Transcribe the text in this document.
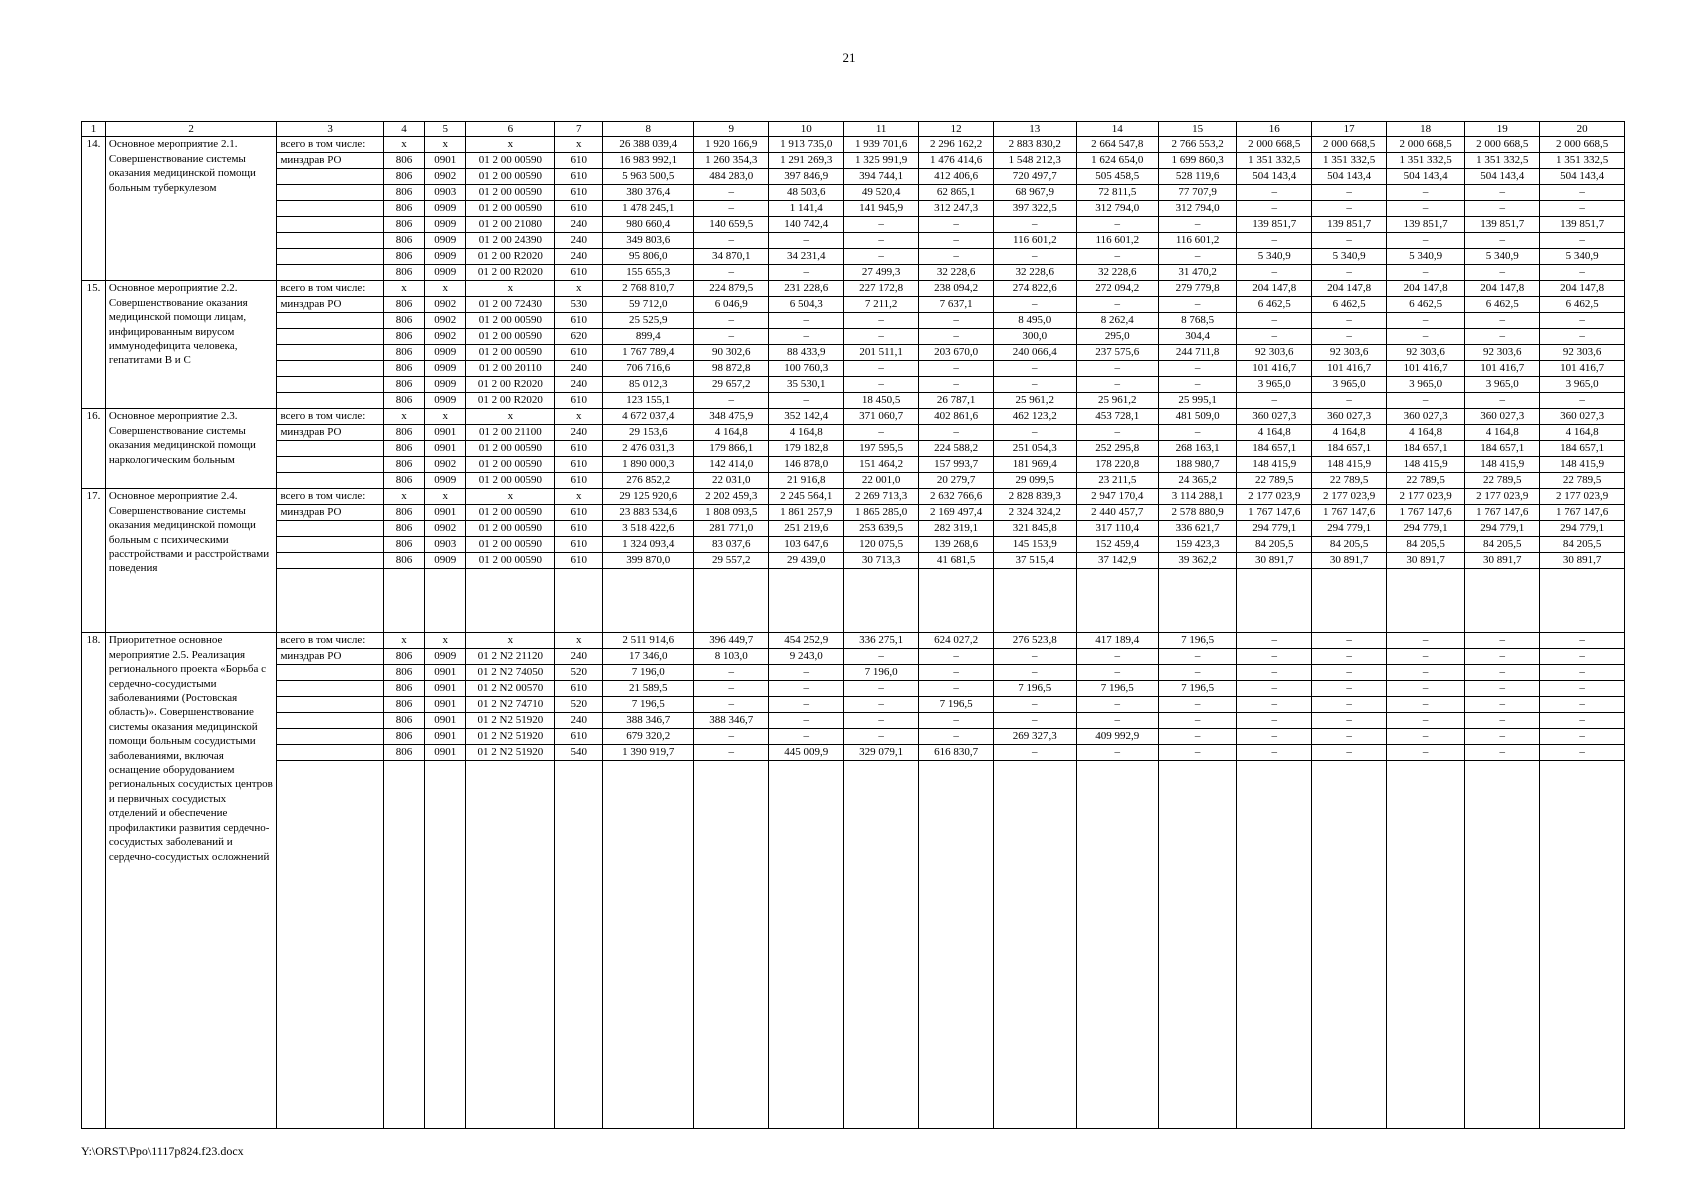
21
1	2	3	4	5	6	7	8	9	10	11	12	13	14	15	16	17	18	19	20
14.	Основное мероприятие 2.1. Совершенствование системы оказания медицинской помощи больным туберкулезом	всего в том числе:	x	x	x	x	26 388 039,4	1 920 166,9	1 913 735,0	1 939 701,6	2 296 162,2	2 883 830,2	2 664 547,8	2 766 553,2	2 000 668,5	2 000 668,5	2 000 668,5	2 000 668,5	2 000 668,5
		минздрав РО	806	0901	01 2 00 00590	610	16 983 992,1	1 260 354,3	1 291 269,3	1 325 991,9	1 476 414,6	1 548 212,3	1 624 654,0	1 699 860,3	1 351 332,5	1 351 332,5	1 351 332,5	1 351 332,5	1 351 332,5
			806	0902	01 2 00 00590	610	5 963 500,5	484 283,0	397 846,9	394 744,1	412 406,6	720 497,7	505 458,5	528 119,6	504 143,4	504 143,4	504 143,4	504 143,4	504 143,4
			806	0903	01 2 00 00590	610	380 376,4	–	48 503,6	49 520,4	62 865,1	68 967,9	72 811,5	77 707,9	–	–	–	–	–
			806	0909	01 2 00 00590	610	1 478 245,1	–	1 141,4	141 945,9	312 247,3	397 322,5	312 794,0	312 794,0	–	–	–	–	–
			806	0909	01 2 00 21080	240	980 660,4	140 659,5	140 742,4	–	–	–	–	–	139 851,7	139 851,7	139 851,7	139 851,7	139 851,7
			806	0909	01 2 00 24390	240	349 803,6	–	–	–	–	116 601,2	116 601,2	116 601,2	–	–	–	–	–
			806	0909	01 2 00 R2020	240	95 806,0	34 870,1	34 231,4	–	–	–	–	–	5 340,9	5 340,9	5 340,9	5 340,9	5 340,9
			806	0909	01 2 00 R2020	610	155 655,3	–	–	27 499,3	32 228,6	32 228,6	32 228,6	31 470,2	–	–	–	–	–
15.	Основное мероприятие 2.2. Совершенствование оказания медицинской помощи лицам, инфицированным вирусом иммунодефицита человека, гепатитами B и C	всего в том числе:	x	x	x	x	2 768 810,7	224 879,5	231 228,6	227 172,8	238 094,2	274 822,6	272 094,2	279 779,8	204 147,8	204 147,8	204 147,8	204 147,8	204 147,8
		минздрав РО	806	0902	01 2 00 72430	530	59 712,0	6 046,9	6 504,3	7 211,2	7 637,1	–	–	–	6 462,5	6 462,5	6 462,5	6 462,5	6 462,5
			806	0902	01 2 00 00590	610	25 525,9	–	–	–	–	8 495,0	8 262,4	8 768,5	–	–	–	–	–
			806	0902	01 2 00 00590	620	899,4	–	–	–	–	300,0	295,0	304,4	–	–	–	–	–
			806	0909	01 2 00 00590	610	1 767 789,4	90 302,6	88 433,9	201 511,1	203 670,0	240 066,4	237 575,6	244 711,8	92 303,6	92 303,6	92 303,6	92 303,6	92 303,6
			806	0909	01 2 00 20110	240	706 716,6	98 872,8	100 760,3	–	–	–	–	–	101 416,7	101 416,7	101 416,7	101 416,7	101 416,7
			806	0909	01 2 00 R2020	240	85 012,3	29 657,2	35 530,1	–	–	–	–	–	3 965,0	3 965,0	3 965,0	3 965,0	3 965,0
			806	0909	01 2 00 R2020	610	123 155,1	–	–	18 450,5	26 787,1	25 961,2	25 961,2	25 995,1	–	–	–	–	–
16.	Основное мероприятие 2.3. Совершенствование системы оказания медицинской помощи наркологическим больным	всего в том числе:	x	x	x	x	4 672 037,4	348 475,9	352 142,4	371 060,7	402 861,6	462 123,2	453 728,1	481 509,0	360 027,3	360 027,3	360 027,3	360 027,3	360 027,3
		минздрав РО	806	0901	01 2 00 21100	240	29 153,6	4 164,8	4 164,8	–	–	–	–	–	4 164,8	4 164,8	4 164,8	4 164,8	4 164,8
			806	0901	01 2 00 00590	610	2 476 031,3	179 866,1	179 182,8	197 595,5	224 588,2	251 054,3	252 295,8	268 163,1	184 657,1	184 657,1	184 657,1	184 657,1	184 657,1
			806	0902	01 2 00 00590	610	1 890 000,3	142 414,0	146 878,0	151 464,2	157 993,7	181 969,4	178 220,8	188 980,7	148 415,9	148 415,9	148 415,9	148 415,9	148 415,9
			806	0909	01 2 00 00590	610	276 852,2	22 031,0	21 916,8	22 001,0	20 279,7	29 099,5	23 211,5	24 365,2	22 789,5	22 789,5	22 789,5	22 789,5	22 789,5
17.	Основное мероприятие 2.4. Совершенствование системы оказания медицинской помощи больным с психическими расстройствами и расстройствами поведения	всего в том числе:	x	x	x	x	29 125 920,6	2 202 459,3	2 245 564,1	2 269 713,3	2 632 766,6	2 828 839,3	2 947 170,4	3 114 288,1	2 177 023,9	2 177 023,9	2 177 023,9	2 177 023,9	2 177 023,9
		минздрав РО	806	0901	01 2 00 00590	610	23 883 534,6	1 808 093,5	1 861 257,9	1 865 285,0	2 169 497,4	2 324 324,2	2 440 457,7	2 578 880,9	1 767 147,6	1 767 147,6	1 767 147,6	1 767 147,6	1 767 147,6
			806	0902	01 2 00 00590	610	3 518 422,6	281 771,0	251 219,6	253 639,5	282 319,1	321 845,8	317 110,4	336 621,7	294 779,1	294 779,1	294 779,1	294 779,1	294 779,1
			806	0903	01 2 00 00590	610	1 324 093,4	83 037,6	103 647,6	120 075,5	139 268,6	145 153,9	152 459,4	159 423,3	84 205,5	84 205,5	84 205,5	84 205,5	84 205,5
			806	0909	01 2 00 00590	610	399 870,0	29 557,2	29 439,0	30 713,3	41 681,5	37 515,4	37 142,9	39 362,2	30 891,7	30 891,7	30 891,7	30 891,7	30 891,7

18.	Приоритетное основное мероприятие 2.5. Реализация регионального проекта «Борьба с сердечно-сосудистыми заболеваниями (Ростовская область)». Совершенствование системы оказания медицинской помощи больным сосудистыми заболеваниями, включая оснащение оборудованием региональных сосудистых центров и первичных сосудистых отделений и обеспечение профилактики развития сердечно-сосудистых заболеваний и сердечно-сосудистых осложнений	всего в том числе:	x	x	x	x	2 511 914,6	396 449,7	454 252,9	336 275,1	624 027,2	276 523,8	417 189,4	7 196,5	–	–	–	–	–
		минздрав РО	806	0909	01 2 N2 21120	240	17 346,0	8 103,0	9 243,0	–	–	–	–	–	–	–	–	–	–
			806	0901	01 2 N2 74050	520	7 196,0	–	–	7 196,0	–	–	–	–	–	–	–	–	–
			806	0901	01 2 N2 00570	610	21 589,5	–	–	–	–	7 196,5	7 196,5	7 196,5	–	–	–	–	–
			806	0901	01 2 N2 74710	520	7 196,5	–	–	–	7 196,5	–	–	–	–	–	–	–	–
			806	0901	01 2 N2 51920	240	388 346,7	388 346,7	–	–	–	–	–	–	–	–	–	–	–
			806	0901	01 2 N2 51920	610	679 320,2	–	–	–	–	269 327,3	409 992,9	–	–	–	–	–	–
			806	0901	01 2 N2 51920	540	1 390 919,7	–	445 009,9	329 079,1	616 830,7	–	–	–	–	–	–	–	–

Y:\ORST\Ppo\1117p824.f23.docx
